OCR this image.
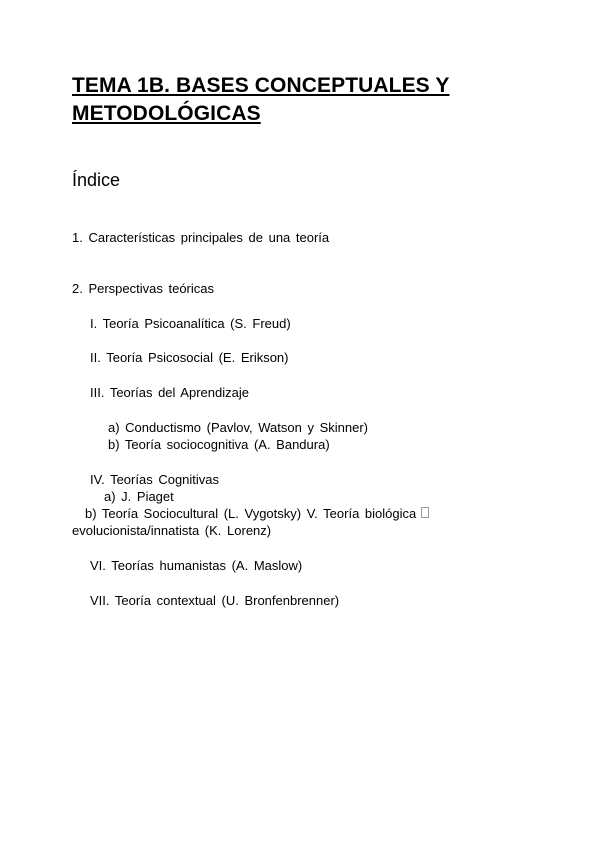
TEMA 1B. BASES CONCEPTUALES Y
METODOLÓGICAS
Índice
1. Características principales de una teoría
2. Perspectivas teóricas
I. Teoría Psicoanalítica (S. Freud)
II. Teoría Psicosocial (E. Erikson)
III. Teorías del Aprendizaje
a) Conductismo (Pavlov, Watson y Skinner)
b) Teoría sociocognitiva (A. Bandura)
IV. Teorías Cognitivas
a) J. Piaget
b) Teoría Sociocultural (L. Vygotsky) V. Teoría biológica
evolucionista/innatista (K. Lorenz)
VI. Teorías humanistas (A. Maslow)
VII. Teoría contextual (U. Bronfenbrenner)
